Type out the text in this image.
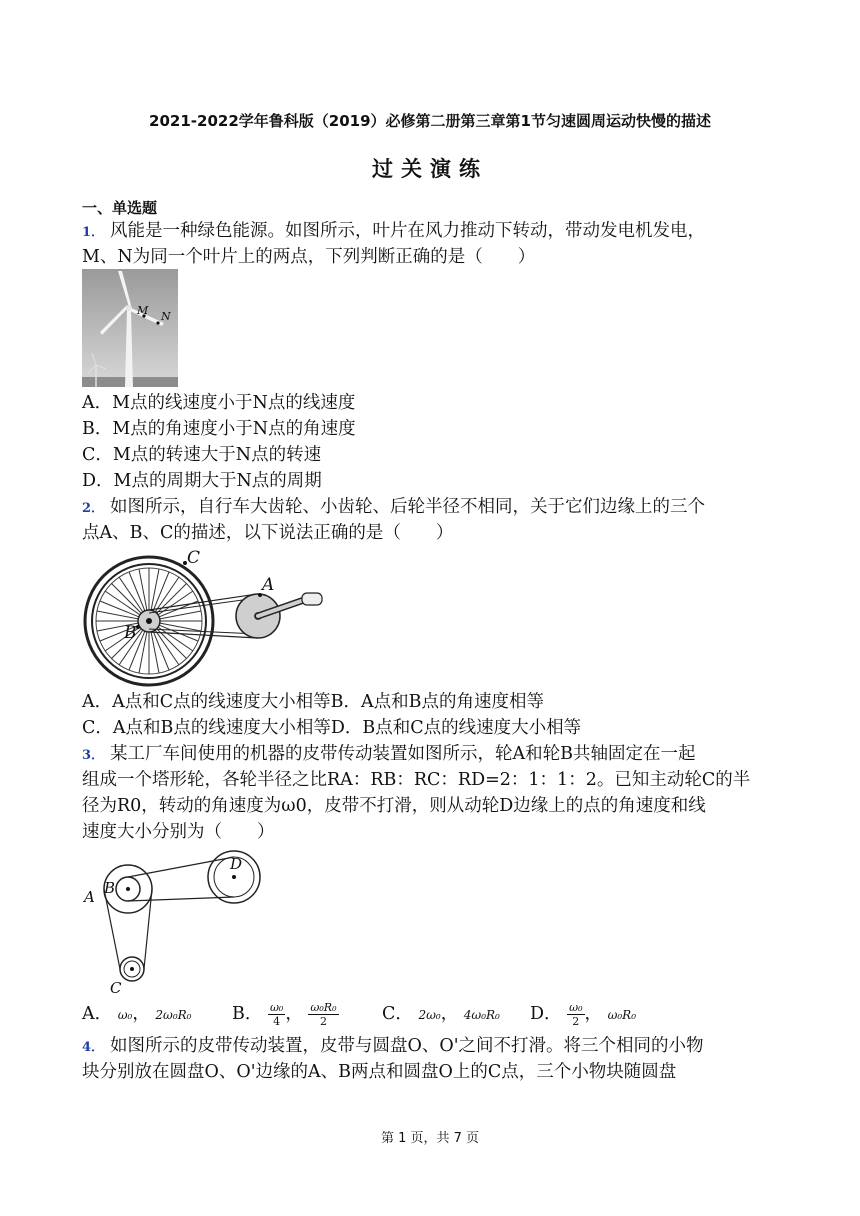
2021-2022学年鲁科版（2019）必修第二册第三章第1节匀速圆周运动快慢的描述
过关演练
一、单选题
1． 风能是一种绿色能源。如图所示，叶片在风力推动下转动，带动发电机发电，
M、N为同一个叶片上的两点，下列判断正确的是（　　）
M N
A．M点的线速度小于N点的线速度
B．M点的角速度小于N点的角速度
C．M点的转速大于N点的转速
D．M点的周期大于N点的周期
2． 如图所示，自行车大齿轮、小齿轮、后轮半径不相同，关于它们边缘上的三个
点A、B、C的描述，以下说法正确的是（　　）
C
A
B
A．A点和C点的线速度大小相等B．A点和B点的角速度相等
C．A点和B点的线速度大小相等D．B点和C点的线速度大小相等
3． 某工厂车间使用的机器的皮带传动装置如图所示，轮A和轮B共轴固定在一起
组成一个塔形轮，各轮半径之比RA：RB：RC：RD=2：1：1：2。已知主动轮C的半
径为R0，转动的角速度为ω0，皮带不打滑，则从动轮D边缘上的点的角速度和线
速度大小分别为（　　）
D
A B
C
A． ω₀， 2ω₀R₀ B． $\frac{\text{ω₀}}{4}$ ， $\frac{\text{ω₀R₀}}{2}$ C． 2ω₀， 4ω₀R₀ D． $\frac{\text{ω₀}}{2}$ ， ω₀R₀
4． 如图所示的皮带传动装置，皮带与圆盘O、O'之间不打滑。将三个相同的小物
块分别放在圆盘O、O'边缘的A、B两点和圆盘O上的C点，三个小物块随圆盘
第 1 页，共 7 页
